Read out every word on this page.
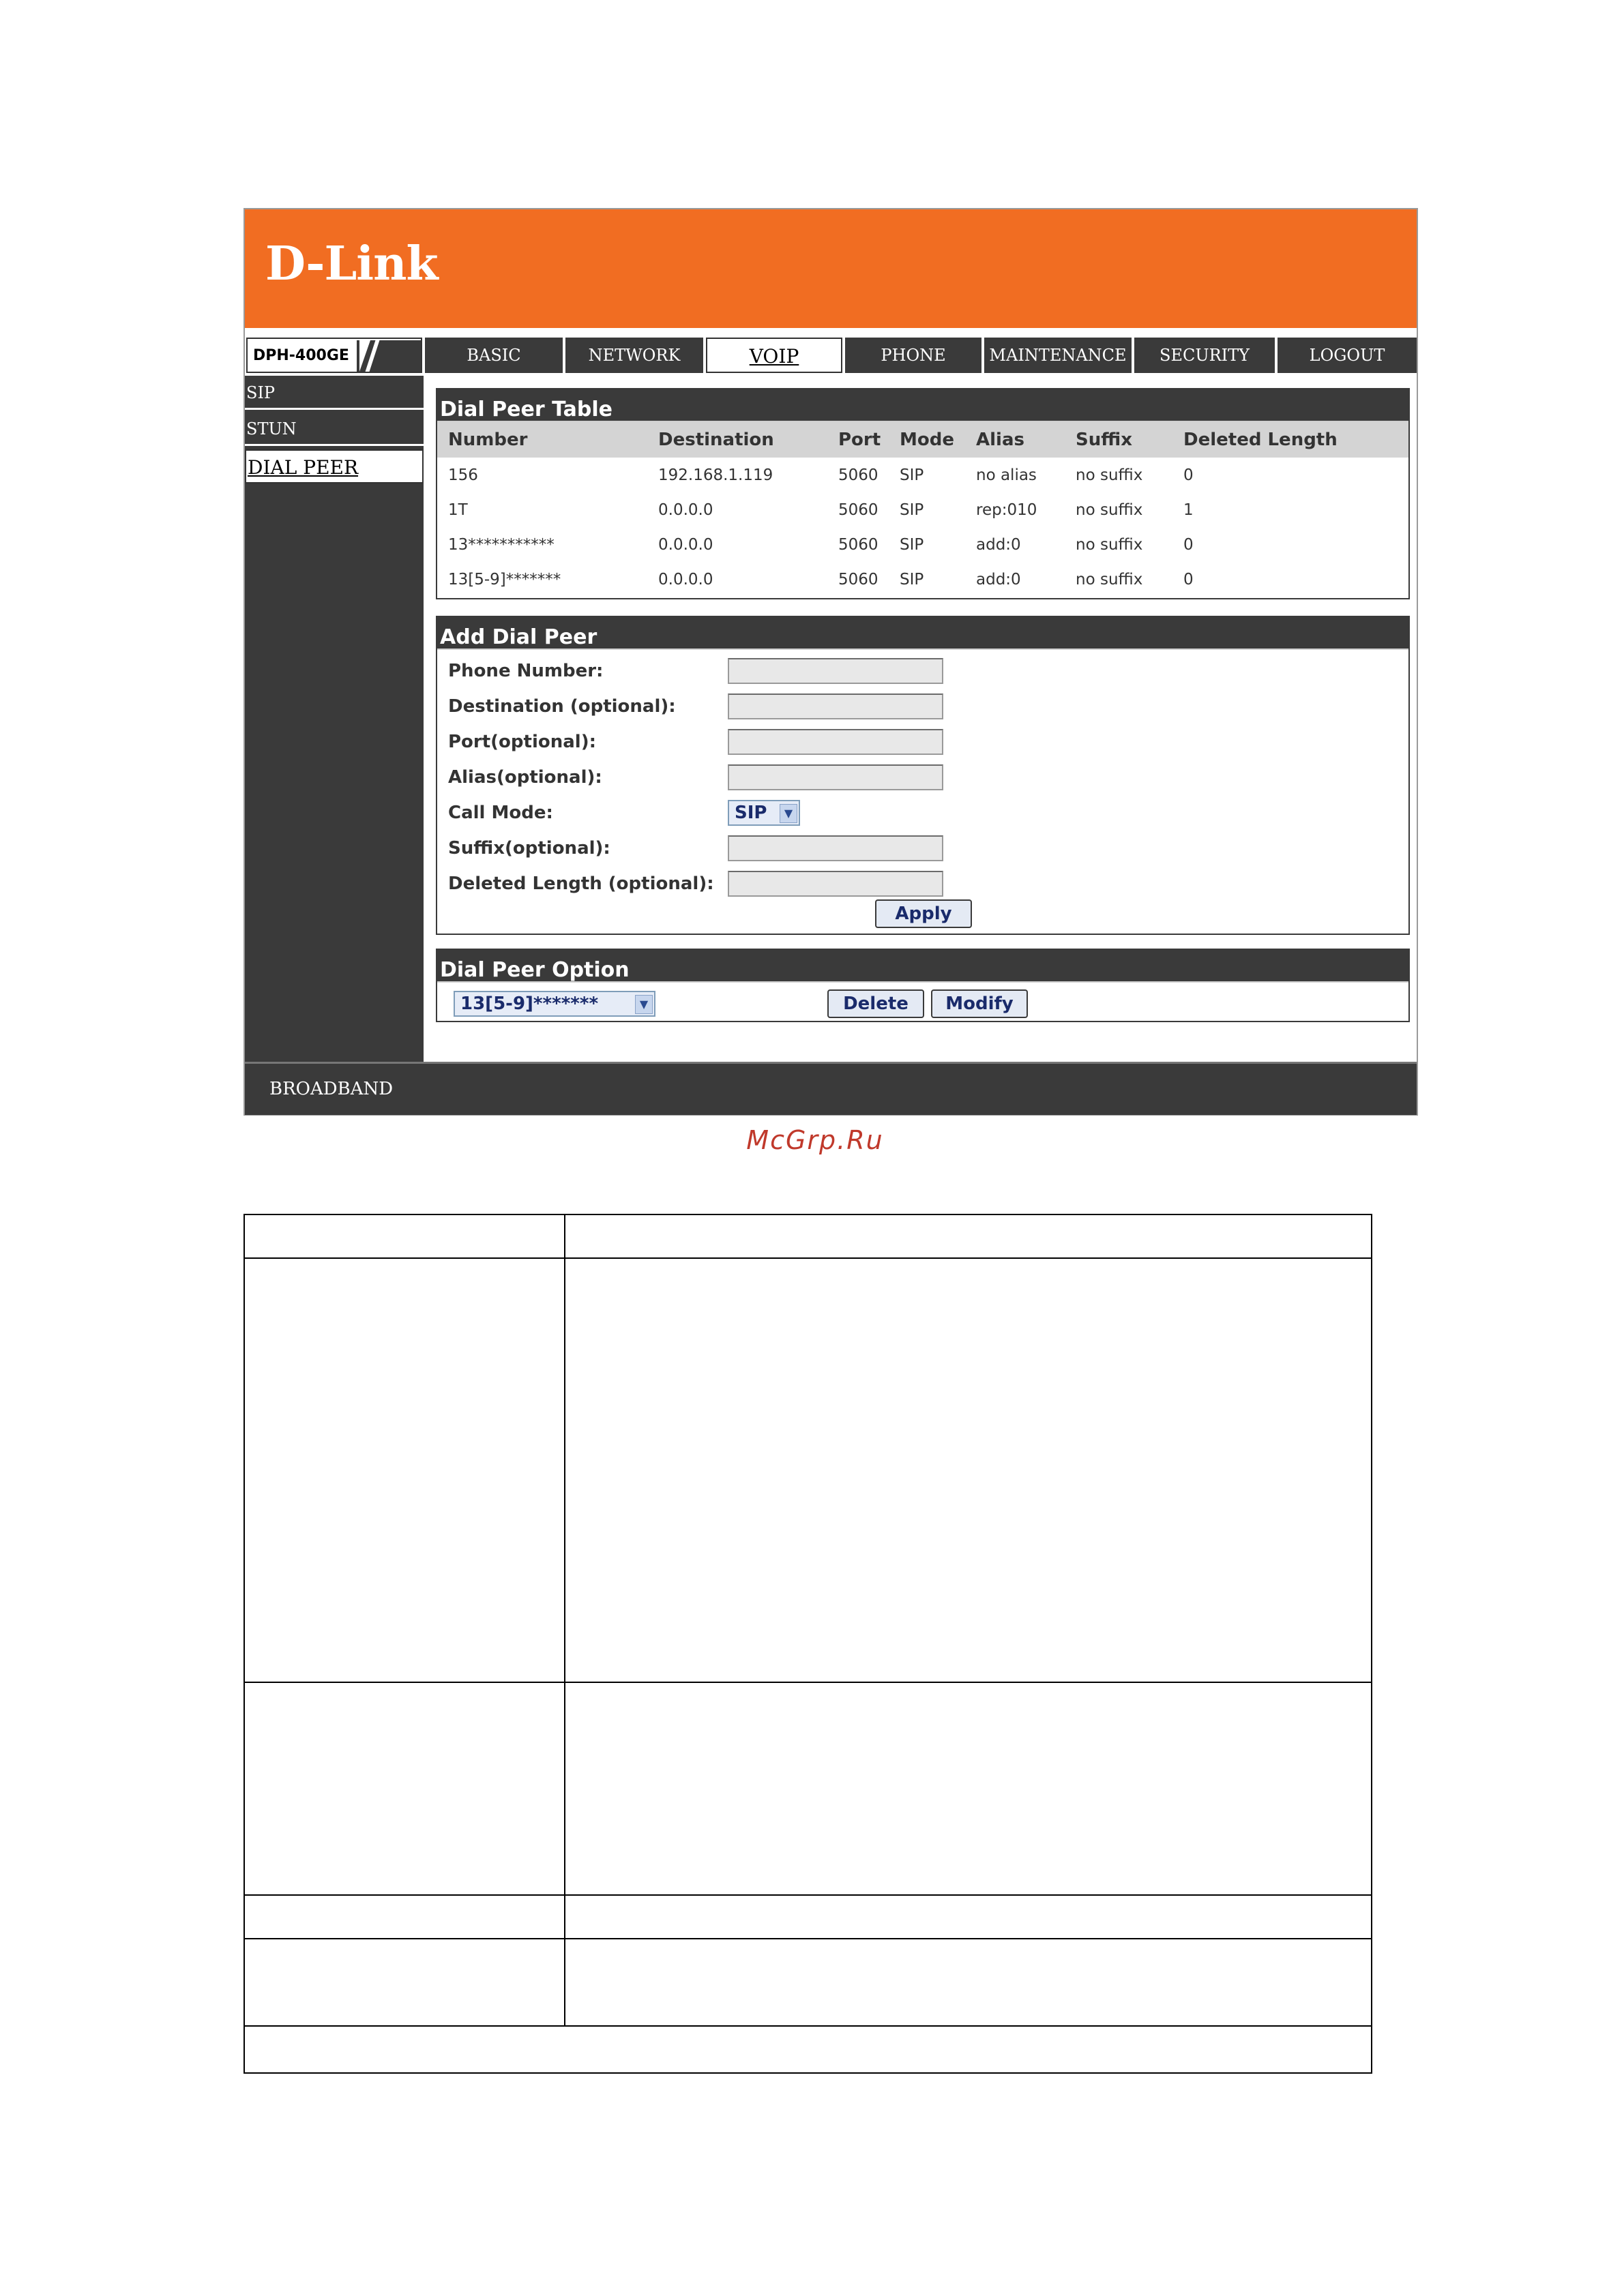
D-Link
DPH-400GE	BASIC	NETWORK	VOIP	PHONE	MAINTENANCE	SECURITY	LOGOUT
SIP
STUN
DIAL PEER
Dial Peer Table
Number	Destination	Port	Mode	Alias	Suffix	Deleted Length
156	192.168.1.119	5060	SIP	no alias	no suffix	0
1T	0.0.0.0	5060	SIP	rep:010	no suffix	1
13***********	0.0.0.0	5060	SIP	add:0	no suffix	0
13[5-9]*******	0.0.0.0	5060	SIP	add:0	no suffix	0
Add Dial Peer
Phone Number:
Destination (optional):
Port(optional):
Alias(optional):
Call Mode:	SIP	▼
Suffix(optional):
Deleted Length (optional):
Apply
Dial Peer Option
13[5-9]*******	▼	Delete	Modify
BROADBAND
McGrp.Ru
